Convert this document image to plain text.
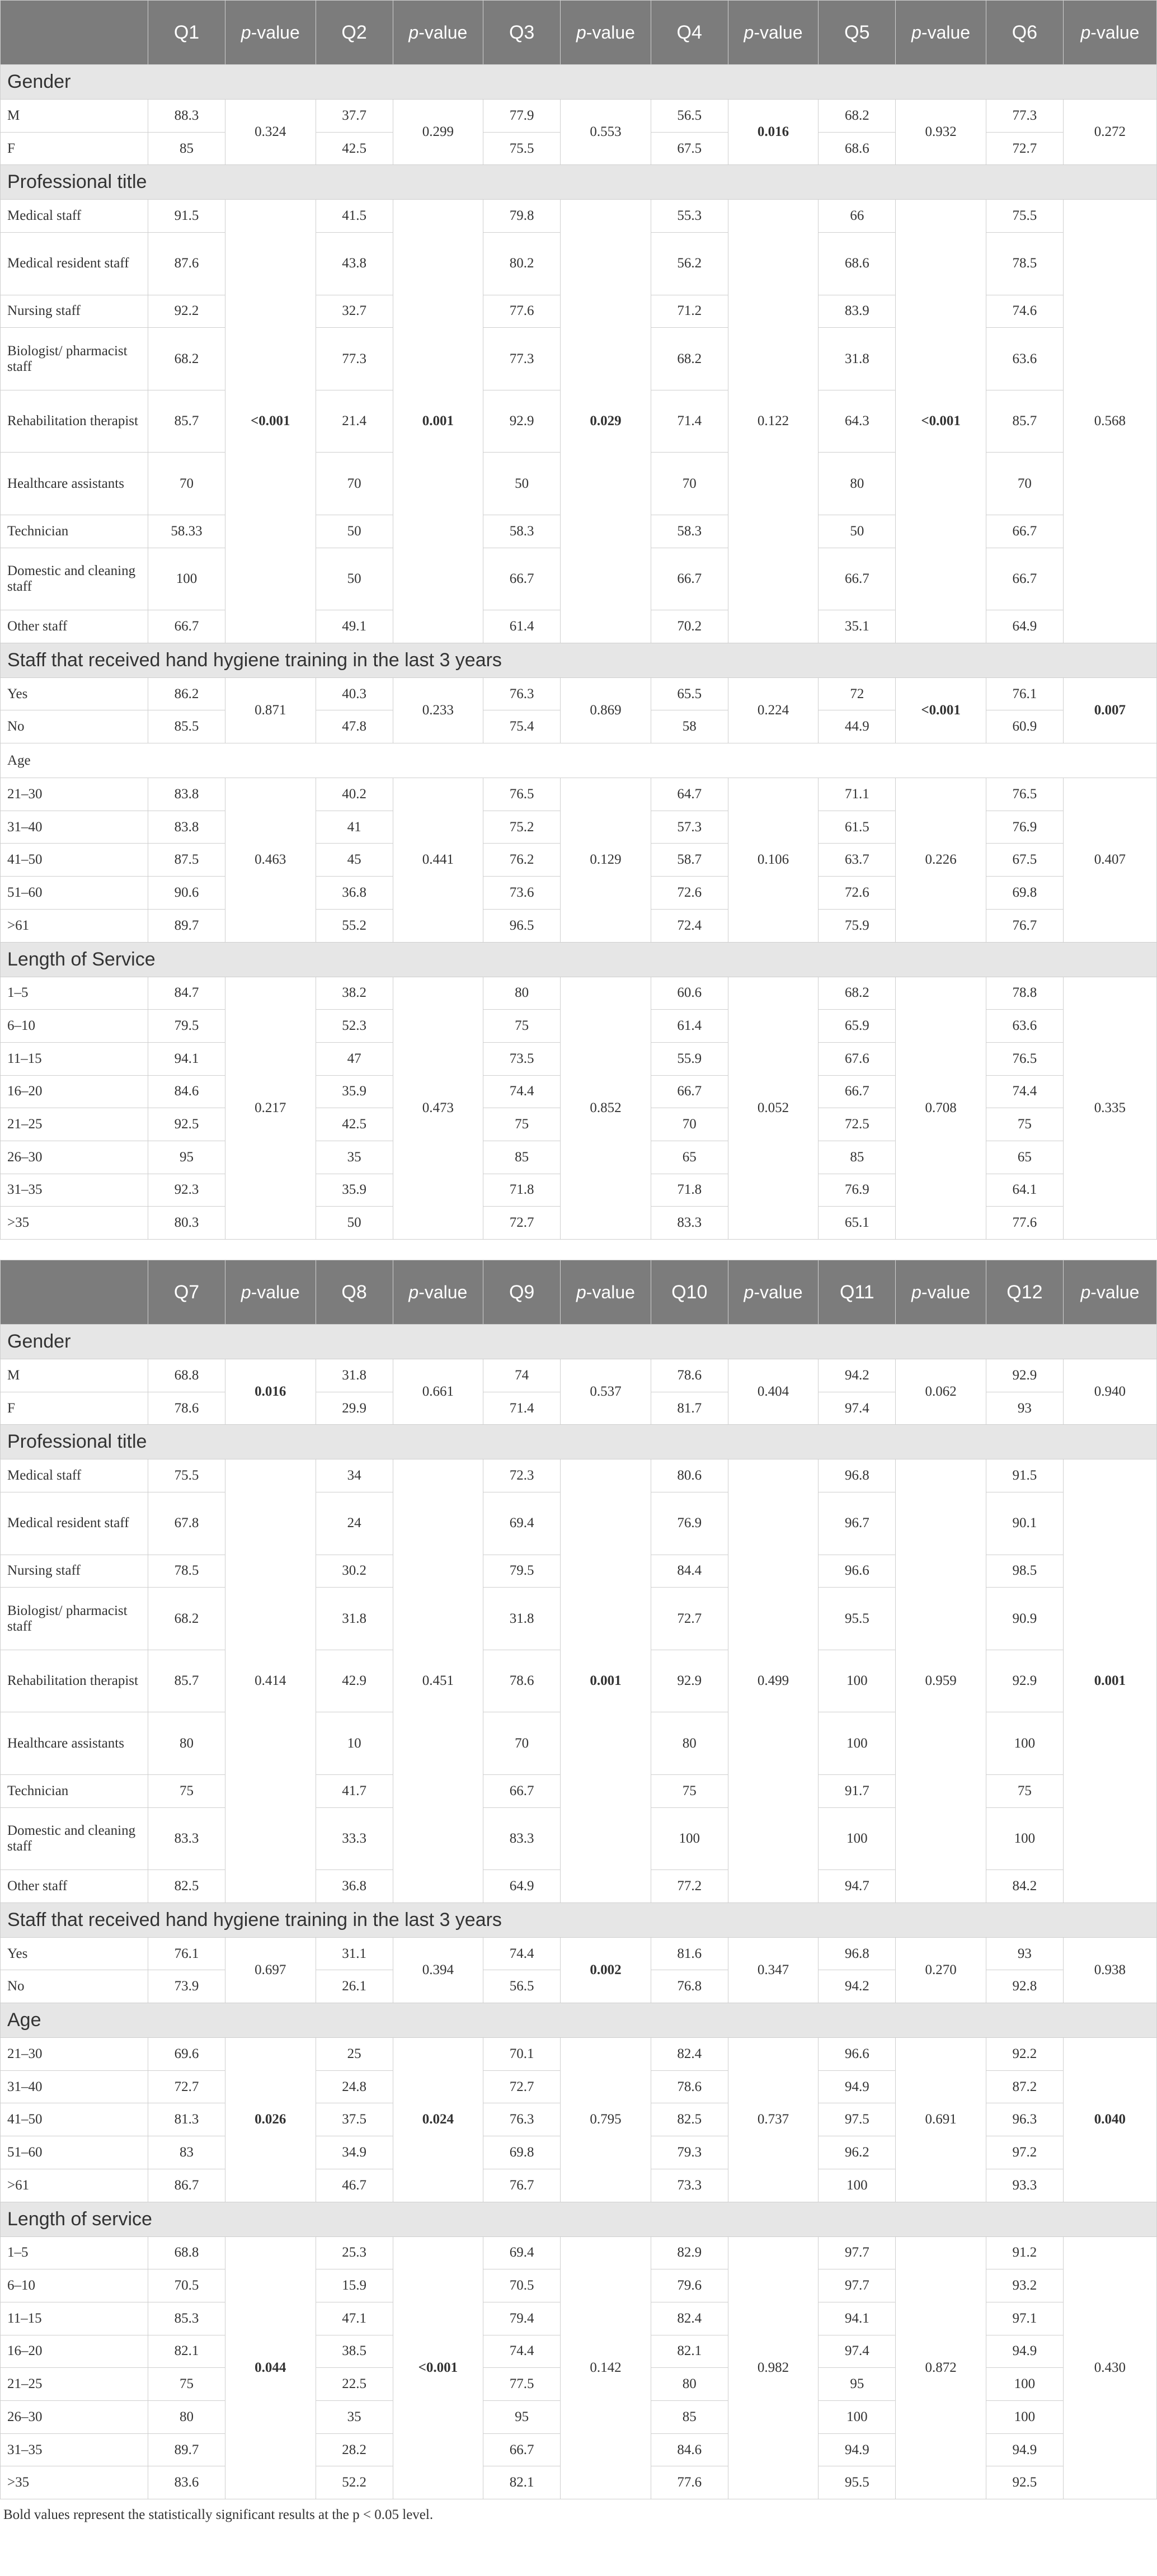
	Q1	p-value	Q2	p-value	Q3	p-value	Q4	p-value	Q5	p-value	Q6	p-value
Gender												
M	88.3	0.324	37.7	0.299	77.9	0.553	56.5	0.016	68.2	0.932	77.3	0.272
F	85		42.5		75.5		67.5		68.6		72.7	
Professional title												
Medical staff	91.5	<0.001	41.5	0.001	79.8	0.029	55.3	0.122	66	<0.001	75.5	0.568
Medical resident staff	87.6		43.8		80.2		56.2		68.6		78.5	
Nursing staff	92.2		32.7		77.6		71.2		83.9		74.6	
Biologist/ pharmacist staff	68.2		77.3		77.3		68.2		31.8		63.6	
Rehabilitation therapist	85.7		21.4		92.9		71.4		64.3		85.7	
Healthcare assistants	70		70		50		70		80		70	
Technician	58.33		50		58.3		58.3		50		66.7	
Domestic and cleaning staff	100		50		66.7		66.7		66.7		66.7	
Other staff	66.7		49.1		61.4		70.2		35.1		64.9	
Staff that received hand hygiene training in the last 3 years												
Yes	86.2	0.871	40.3	0.233	76.3	0.869	65.5	0.224	72	<0.001	76.1	0.007
No	85.5		47.8		75.4		58		44.9		60.9	
Age												
21–30	83.8	0.463	40.2	0.441	76.5	0.129	64.7	0.106	71.1	0.226	76.5	0.407
31–40	83.8		41		75.2		57.3		61.5		76.9	
41–50	87.5		45		76.2		58.7		63.7		67.5	
51–60	90.6		36.8		73.6		72.6		72.6		69.8	
>61	89.7		55.2		96.5		72.4		75.9		76.7	
Length of Service												
1–5	84.7	0.217	38.2	0.473	80	0.852	60.6	0.052	68.2	0.708	78.8	0.335
6–10	79.5		52.3		75		61.4		65.9		63.6	
11–15	94.1		47		73.5		55.9		67.6		76.5	
16–20	84.6		35.9		74.4		66.7		66.7		74.4	
21–25	92.5		42.5		75		70		72.5		75	
26–30	95		35		85		65		85		65	
31–35	92.3		35.9		71.8		71.8		76.9		64.1	
>35	80.3		50		72.7		83.3		65.1		77.6	
	Q7	p-value	Q8	p-value	Q9	p-value	Q10	p-value	Q11	p-value	Q12	p-value
Gender												
M	68.8	0.016	31.8	0.661	74	0.537	78.6	0.404	94.2	0.062	92.9	0.940
F	78.6		29.9		71.4		81.7		97.4		93	
Professional title												
Medical staff	75.5	0.414	34	0.451	72.3	0.001	80.6	0.499	96.8	0.959	91.5	0.001
Medical resident staff	67.8		24		69.4		76.9		96.7		90.1	
Nursing staff	78.5		30.2		79.5		84.4		96.6		98.5	
Biologist/ pharmacist staff	68.2		31.8		31.8		72.7		95.5		90.9	
Rehabilitation therapist	85.7		42.9		78.6		92.9		100		92.9	
Healthcare assistants	80		10		70		80		100		100	
Technician	75		41.7		66.7		75		91.7		75	
Domestic and cleaning staff	83.3		33.3		83.3		100		100		100	
Other staff	82.5		36.8		64.9		77.2		94.7		84.2	
Staff that received hand hygiene training in the last 3 years												
Yes	76.1	0.697	31.1	0.394	74.4	0.002	81.6	0.347	96.8	0.270	93	0.938
No	73.9		26.1		56.5		76.8		94.2		92.8	
Age												
21–30	69.6	0.026	25	0.024	70.1	0.795	82.4	0.737	96.6	0.691	92.2	0.040
31–40	72.7		24.8		72.7		78.6		94.9		87.2	
41–50	81.3		37.5		76.3		82.5		97.5		96.3	
51–60	83		34.9		69.8		79.3		96.2		97.2	
>61	86.7		46.7		76.7		73.3		100		93.3	
Length of service												
1–5	68.8	0.044	25.3	<0.001	69.4	0.142	82.9	0.982	97.7	0.872	91.2	0.430
6–10	70.5		15.9		70.5		79.6		97.7		93.2	
11–15	85.3		47.1		79.4		82.4		94.1		97.1	
16–20	82.1		38.5		74.4		82.1		97.4		94.9	
21–25	75		22.5		77.5		80		95		100	
26–30	80		35		95		85		100		100	
31–35	89.7		28.2		66.7		84.6		94.9		94.9	
>35	83.6		52.2		82.1		77.6		95.5		92.5	
Bold values represent the statistically significant results at the p < 0.05 level.
